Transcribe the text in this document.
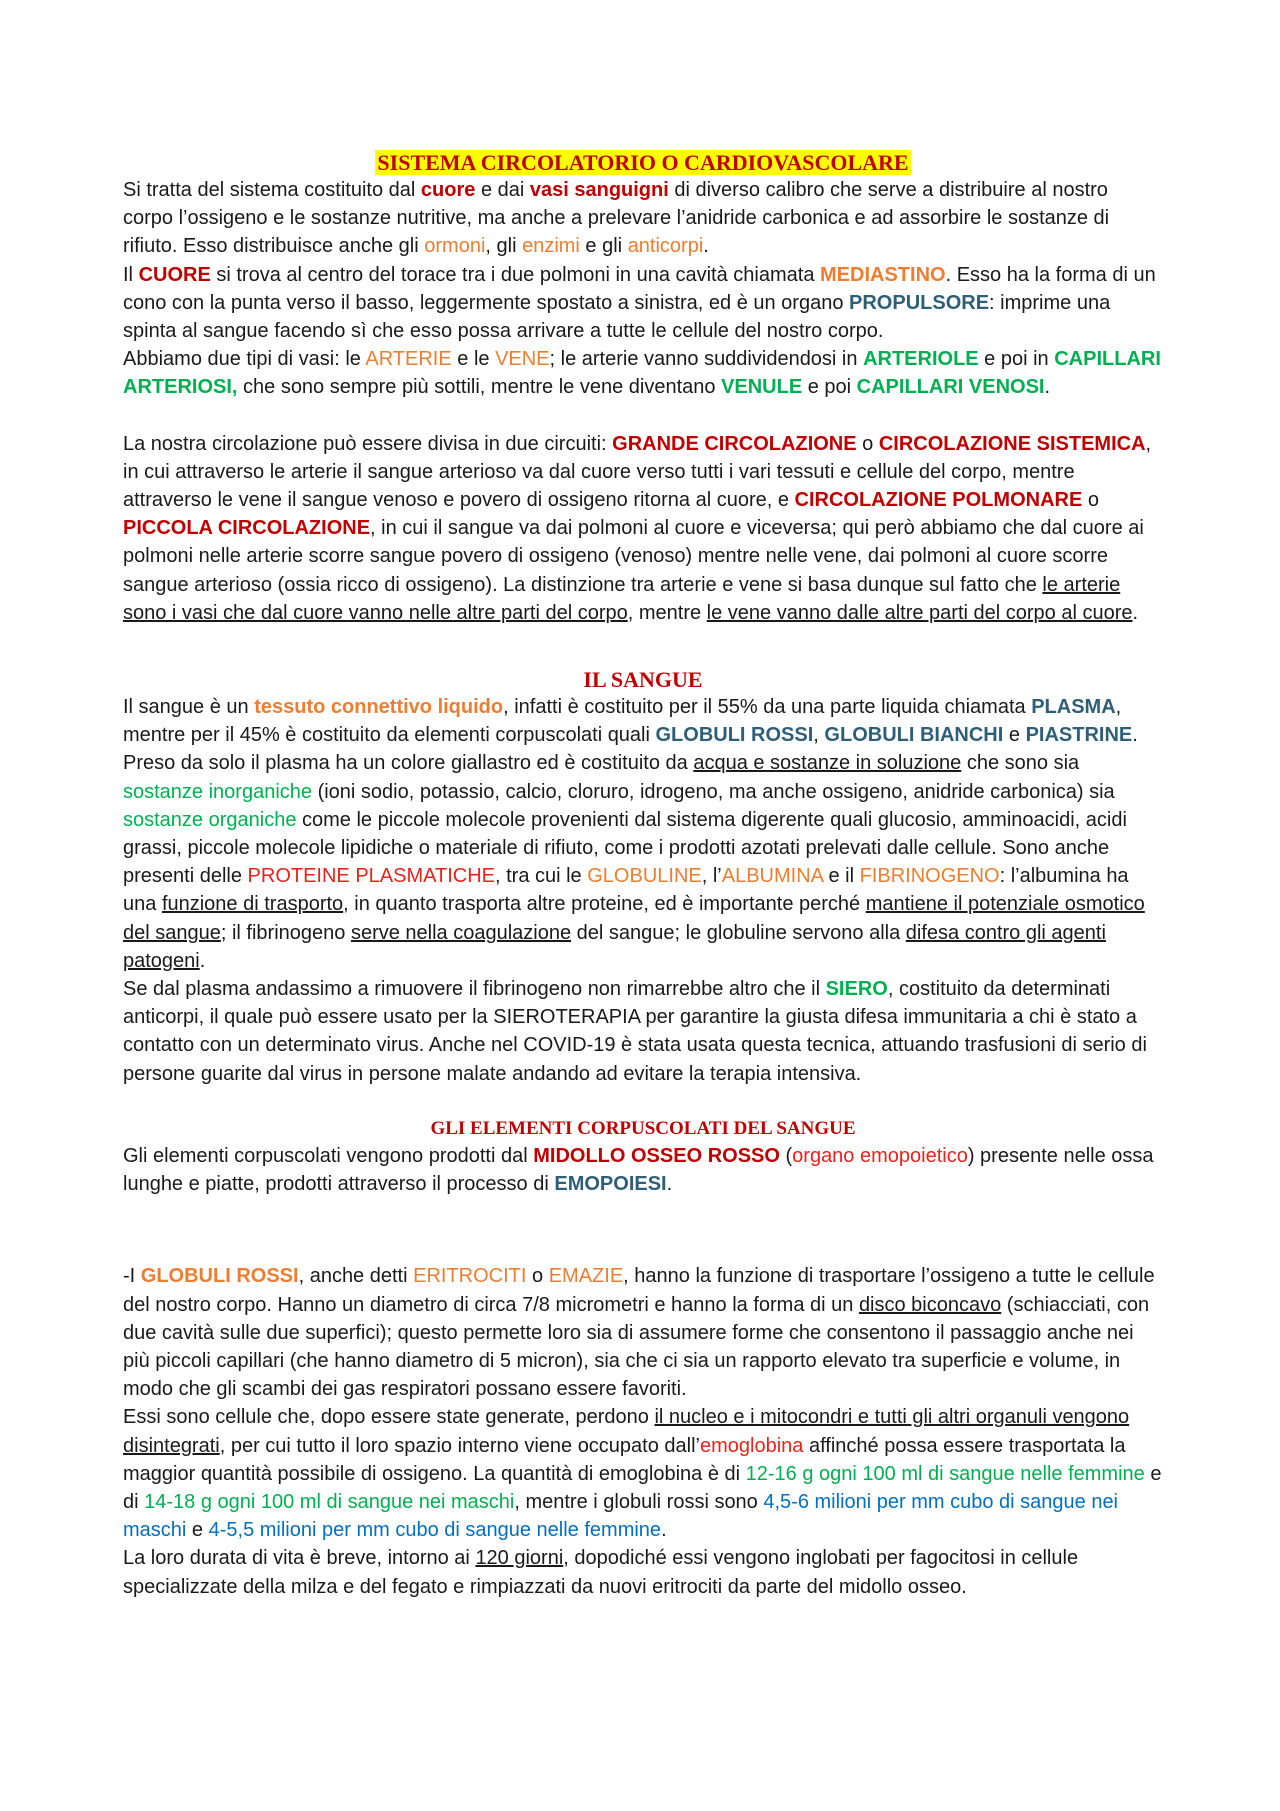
SISTEMA CIRCOLATORIO O CARDIOVASCOLARE

Si tratta del sistema costituito dal cuore e dai vasi sanguigni di diverso calibro che serve a distribuire al nostro corpo l’ossigeno e le sostanze nutritive, ma anche a prelevare l’anidride carbonica e ad assorbire le sostanze di rifiuto. Esso distribuisce anche gli ormoni, gli enzimi e gli anticorpi.

Il CUORE si trova al centro del torace tra i due polmoni in una cavità chiamata MEDIASTINO. Esso ha la forma di un cono con la punta verso il basso, leggermente spostato a sinistra, ed è un organo PROPULSORE: imprime una spinta al sangue facendo sì che esso possa arrivare a tutte le cellule del nostro corpo.

Abbiamo due tipi di vasi: le ARTERIE e le VENE; le arterie vanno suddividendosi in ARTERIOLE e poi in CAPILLARI ARTERIOSI, che sono sempre più sottili, mentre le vene diventano VENULE e poi CAPILLARI VENOSI.

La nostra circolazione può essere divisa in due circuiti: GRANDE CIRCOLAZIONE o CIRCOLAZIONE SISTEMICA, in cui attraverso le arterie il sangue arterioso va dal cuore verso tutti i vari tessuti e cellule del corpo, mentre attraverso le vene il sangue venoso e povero di ossigeno ritorna al cuore, e CIRCOLAZIONE POLMONARE o PICCOLA CIRCOLAZIONE, in cui il sangue va dai polmoni al cuore e viceversa; qui però abbiamo che dal cuore ai polmoni nelle arterie scorre sangue povero di ossigeno (venoso) mentre nelle vene, dai polmoni al cuore scorre sangue arterioso (ossia ricco di ossigeno). La distinzione tra arterie e vene si basa dunque sul fatto che le arterie sono i vasi che dal cuore vanno nelle altre parti del corpo, mentre le vene vanno dalle altre parti del corpo al cuore.

IL SANGUE

Il sangue è un tessuto connettivo liquido, infatti è costituito per il 55% da una parte liquida chiamata PLASMA, mentre per il 45% è costituito da elementi corpuscolati quali GLOBULI ROSSI, GLOBULI BIANCHI e PIASTRINE. Preso da solo il plasma ha un colore giallastro ed è costituito da acqua e sostanze in soluzione che sono sia sostanze inorganiche (ioni sodio, potassio, calcio, cloruro, idrogeno, ma anche ossigeno, anidride carbonica) sia sostanze organiche come le piccole molecole provenienti dal sistema digerente quali glucosio, amminoacidi, acidi grassi, piccole molecole lipidiche o materiale di rifiuto, come i prodotti azotati prelevati dalle cellule. Sono anche presenti delle PROTEINE PLASMATICHE, tra cui le GLOBULINE, l’ALBUMINA e il FIBRINOGENO: l’albumina ha una funzione di trasporto, in quanto trasporta altre proteine, ed è importante perché mantiene il potenziale osmotico del sangue; il fibrinogeno serve nella coagulazione del sangue; le globuline servono alla difesa contro gli agenti patogeni.

Se dal plasma andassimo a rimuovere il fibrinogeno non rimarrebbe altro che il SIERO, costituito da determinati anticorpi, il quale può essere usato per la SIEROTERAPIA per garantire la giusta difesa immunitaria a chi è stato a contatto con un determinato virus. Anche nel COVID-19 è stata usata questa tecnica, attuando trasfusioni di serio di persone guarite dal virus in persone malate andando ad evitare la terapia intensiva.

GLI ELEMENTI CORPUSCOLATI DEL SANGUE

Gli elementi corpuscolati vengono prodotti dal MIDOLLO OSSEO ROSSO (organo emopoietico) presente nelle ossa lunghe e piatte, prodotti attraverso il processo di EMOPOIESI.

-I GLOBULI ROSSI, anche detti ERITROCITI o EMAZIE, hanno la funzione di trasportare l’ossigeno a tutte le cellule del nostro corpo. Hanno un diametro di circa 7/8 micrometri e hanno la forma di un disco biconcavo (schiacciati, con due cavità sulle due superfici); questo permette loro sia di assumere forme che consentono il passaggio anche nei più piccoli capillari (che hanno diametro di 5 micron), sia che ci sia un rapporto elevato tra superficie e volume, in modo che gli scambi dei gas respiratori possano essere favoriti.

Essi sono cellule che, dopo essere state generate, perdono il nucleo e i mitocondri e tutti gli altri organuli vengono disintegrati, per cui tutto il loro spazio interno viene occupato dall’emoglobina affinché possa essere trasportata la maggior quantità possibile di ossigeno. La quantità di emoglobina è di 12-16 g ogni 100 ml di sangue nelle femmine e di 14-18 g ogni 100 ml di sangue nei maschi, mentre i globuli rossi sono 4,5-6 milioni per mm cubo di sangue nei maschi e 4-5,5 milioni per mm cubo di sangue nelle femmine.

La loro durata di vita è breve, intorno ai 120 giorni, dopodiché essi vengono inglobati per fagocitosi in cellule specializzate della milza e del fegato e rimpiazzati da nuovi eritrociti da parte del midollo osseo.
